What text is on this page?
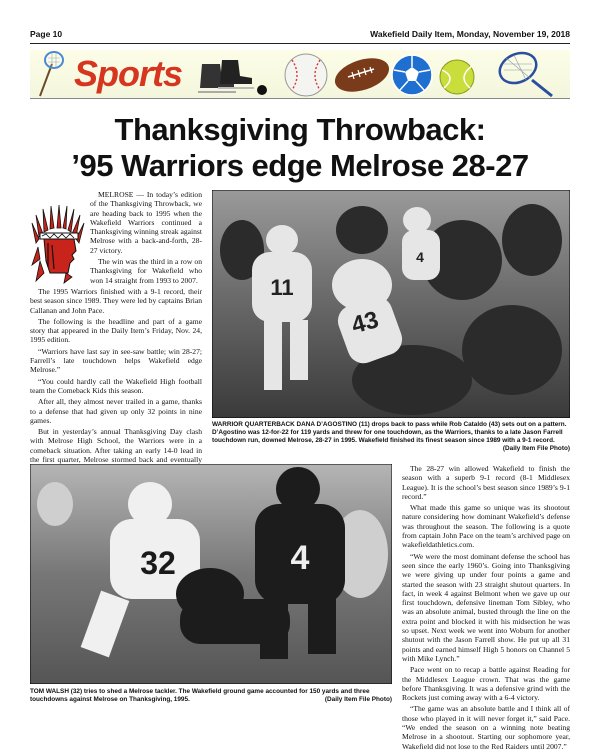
Page 10	Wakefield Daily Item, Monday, November 19, 2018
Sports
Thanksgiving Throwback:
’95 Warriors edge Melrose 28-27

MELROSE — In today’s edition of the Thanksgiving Throwback, we are heading back to 1995 when the Wakefield Warriors continued a Thanksgiving winning streak against Melrose with a back-and-forth, 28-27 victory.

The win was the third in a row on Thanksgiving for Wakefield who won 14 straight from 1993 to 2007.

The 1995 Warriors finished with a 9-1 record, their best season since 1989. They were led by captains Brian Callanan and John Pace.

The following is the headline and part of a game story that appeared in the Daily Item’s Friday, Nov. 24, 1995 edition.

“Warriors have last say in see-saw battle; win 28-27; Farrell’s late touchdown helps Wakefield edge Melrose.”

“You could hardly call the Wakefield High football team the Comeback Kids this season.

After all, they almost never trailed in a game, thanks to a defense that had given up only 32 points in nine games.

But in yesterday’s annual Thanksgiving Day clash with Melrose High School, the Warriors were in a comeback situation. After taking an early 14-0 lead in the first quarter, Melrose stormed back and eventually

11
43
4
WARRIOR QUARTERBACK DANA D’AGOSTINO (11) drops back to pass while Rob Cataldo (43) sets out on a pattern. D’Agostino was 12-for-22 for 119 yards and threw for one touchdown, as the Warriors, thanks to a late Jason Farrell touchdown run, downed Melrose, 28-27 in 1995. Wakefield finished its finest season since 1989 with a 9-1 record.
(Daily Item File Photo)
32	4
TOM WALSH (32) tries to shed a Melrose tackler. The Wakefield ground game accounted for 150 yards and three touchdowns against Melrose on Thanksgiving, 1995.	(Daily Item File Photo)

The 28-27 win allowed Wakefield to finish the season with a superb 9-1 record (8-1 Middlesex League). It is the school’s best season since 1989’s 9-1 record.”

What made this game so unique was its shootout nature considering how dominant Wakefield’s defense was throughout the season. The following is a quote from captain John Pace on the team’s archived page on wakefieldathletics.com.

“We were the most dominant defense the school has seen since the early 1960’s. Going into Thanksgiving we were giving up under four points a game and started the season with 23 straight shutout quarters. In fact, in week 4 against Belmont when we gave up our first touchdown, defensive lineman Tom Sibley, who was an absolute animal, busted through the line on the extra point and blocked it with his midsection he was so upset. Next week we went into Woburn for another shutout with the Jason Farrell show. He put up all 31 points and earned himself High 5 honors on Channel 5 with Mike Lynch.”

Pace went on to recap a battle against Reading for the Middlesex League crown. That was the game before Thanksgiving. It was a defensive grind with the Rockets just coming away with a 6-4 victory.

“The game was an absolute battle and I think all of those who played in it will never forget it,” said Pace. “We ended the season on a winning note beating Melrose in a shootout. Starting our sophomore year, Wakefield did not lose to the Red Raiders until 2007.”
